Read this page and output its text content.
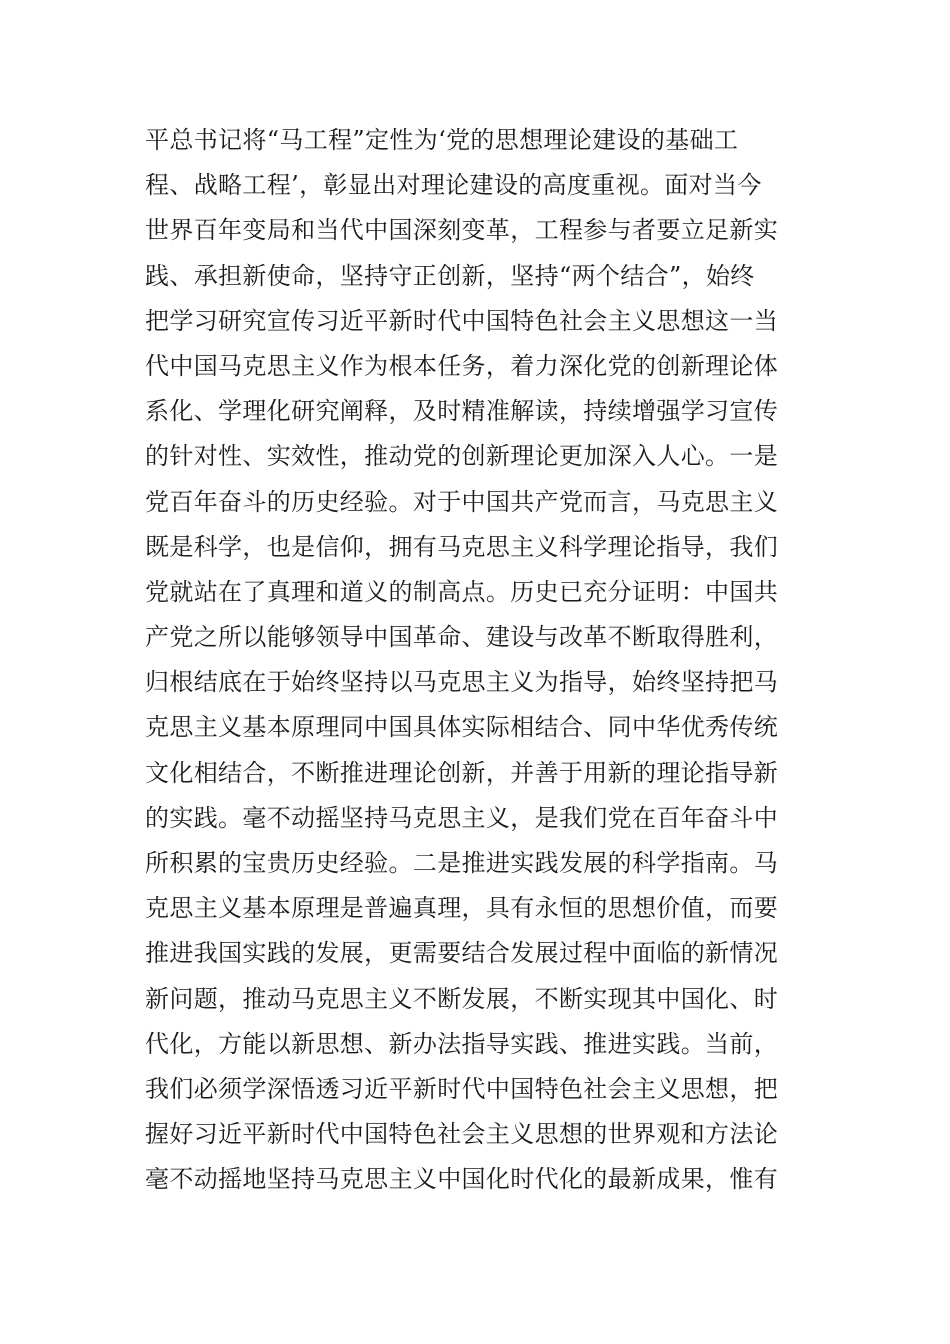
平总书记将“马工程”定性为‘党的思想理论建设的基础工
程、战略工程’，彰显出对理论建设的高度重视。面对当今
世界百年变局和当代中国深刻变革，工程参与者要立足新实
践、承担新使命，坚持守正创新，坚持“两个结合”，始终
把学习研究宣传习近平新时代中国特色社会主义思想这一当
代中国马克思主义作为根本任务，着力深化党的创新理论体
系化、学理化研究阐释，及时精准解读，持续增强学习宣传
的针对性、实效性，推动党的创新理论更加深入人心。一是
党百年奋斗的历史经验。对于中国共产党而言，马克思主义
既是科学，也是信仰，拥有马克思主义科学理论指导，我们
党就站在了真理和道义的制高点。历史已充分证明：中国共
产党之所以能够领导中国革命、建设与改革不断取得胜利，
归根结底在于始终坚持以马克思主义为指导，始终坚持把马
克思主义基本原理同中国具体实际相结合、同中华优秀传统
文化相结合，不断推进理论创新，并善于用新的理论指导新
的实践。毫不动摇坚持马克思主义，是我们党在百年奋斗中
所积累的宝贵历史经验。二是推进实践发展的科学指南。马
克思主义基本原理是普遍真理，具有永恒的思想价值，而要
推进我国实践的发展，更需要结合发展过程中面临的新情况
新问题，推动马克思主义不断发展，不断实现其中国化、时
代化，方能以新思想、新办法指导实践、推进实践。当前，
我们必须学深悟透习近平新时代中国特色社会主义思想，把
握好习近平新时代中国特色社会主义思想的世界观和方法论
毫不动摇地坚持马克思主义中国化时代化的最新成果，惟有
